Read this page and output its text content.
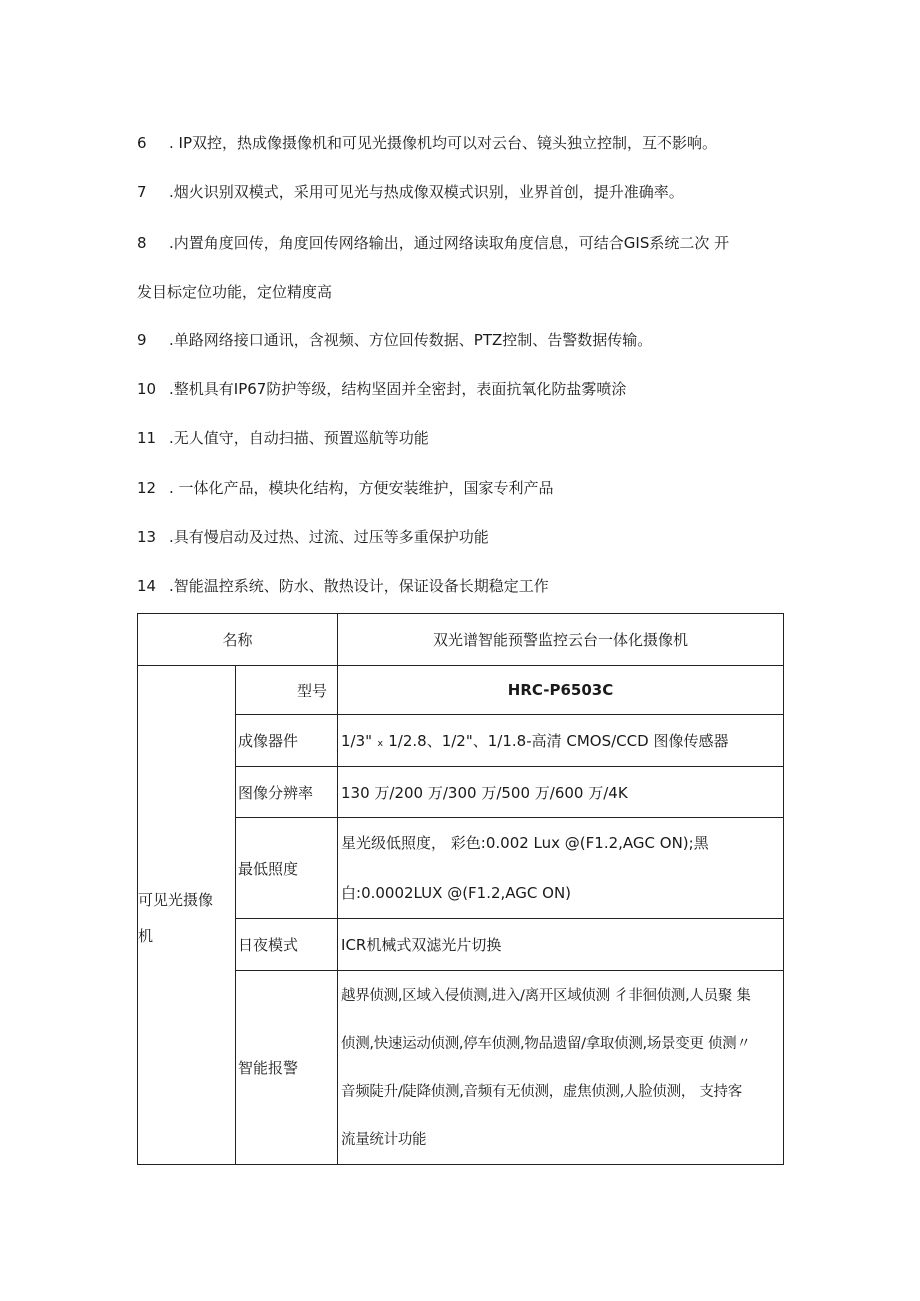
6 . IP双控，热成像摄像机和可见光摄像机均可以对云台、镜头独立控制，互不影响。
7 .烟火识别双模式，采用可见光与热成像双模式识别，业界首创，提升准确率。
8 .内置角度回传，角度回传网络输出，通过网络读取角度信息，可结合GIS系统二次 开
发目标定位功能，定位精度高
9 .单路网络接口通讯，含视频、方位回传数据、PTZ控制、告警数据传输。
10 .整机具有IP67防护等级，结构坚固并全密封，表面抗氧化防盐雾喷涂
11 .无人值守，自动扫描、预置巡航等功能
12 . 一体化产品，模块化结构，方便安装维护，国家专利产品
13 .具有慢启动及过热、过流、过压等多重保护功能
14 .智能温控系统、防水、散热设计，保证设备长期稳定工作
名称		双光谱智能预警监控云台一体化摄像机

可见光摄像
机	型号	HRC-P6503C
	成像器件	1/3" ₓ 1/2.8、1/2"、1/1.8-高清 CMOS/CCD 图像传感器
	图像分辨率	130 万/200 万/300 万/500 万/600 万/4K
	最低照度	星光级低照度， 彩色:0.002 Lux @(F1.2,AGC ON);黑
白:0.0002LUX @(F1.2,AGC ON)

	日夜模式	ICR机械式双滤光片切换
	智能报警	越界侦测,区域入侵侦测,进入/离开区域侦测 彳非徊侦测,人员聚 集
侦测,快速运动侦测,停车侦测,物品遗留/拿取侦测,场景变更 侦测〃
音频陡升/陡降侦测,音频有无侦测，虚焦侦测,人脸侦测， 支持客
流量统计功能
